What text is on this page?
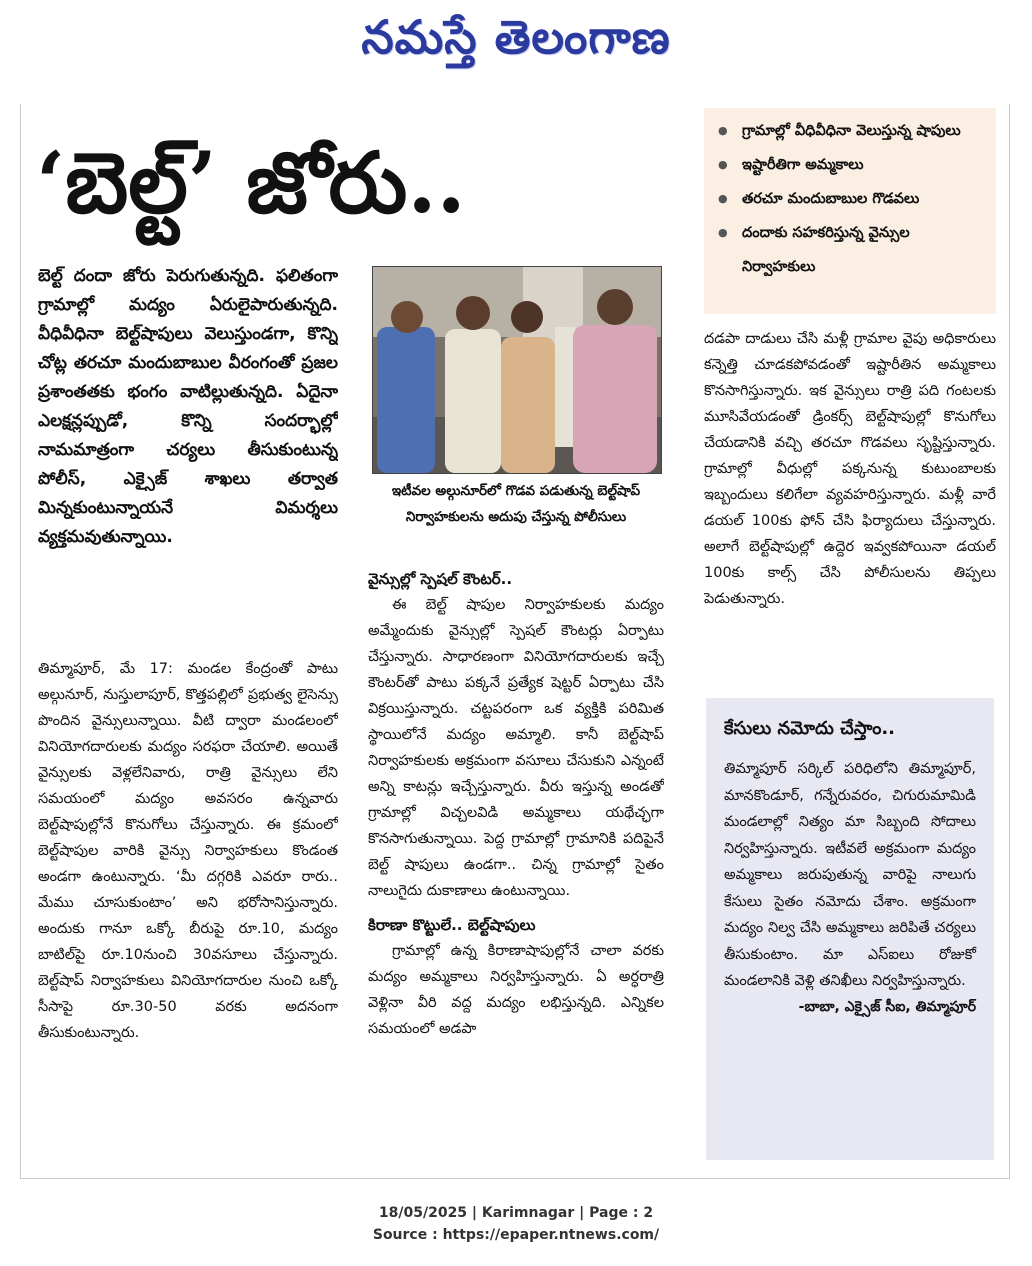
నమస్తే తెలంగాణ
‘బెల్ట్’ జోరు..
బెల్ట్ దందా జోరు పెరుగుతున్నది. ఫలితంగా గ్రామాల్లో మద్యం ఏరులైపారుతున్నది. వీధివీధినా బెల్ట్‌షాపులు వెలుస్తుండగా, కొన్ని చోట్ల తరచూ మందుబాబుల వీరంగంతో ప్రజల ప్రశాంతతకు భంగం వాటిల్లుతున్నది. ఏదైనా ఎలక్షన్లప్పుడో, కొన్ని సందర్భాల్లో నామమాత్రంగా చర్యలు తీసుకుంటున్న పోలీస్, ఎక్సైజ్ శాఖలు తర్వాత మిన్నకుంటున్నాయనే విమర్శలు వ్యక్తమవుతున్నాయి.

తిమ్మాపూర్, మే 17: మండల కేంద్రంతో పాటు అల్గునూర్, నుస్తులాపూర్, కొత్తపల్లిలో ప్రభుత్వ లైసెన్సు పొందిన వైన్సులున్నాయి. వీటి ద్వారా మండలంలో వినియోగదారులకు మద్యం సరఫరా చేయాలి. అయితే వైన్సులకు వెళ్లలేనివారు, రాత్రి వైన్సులు లేని సమయంలో మద్యం అవసరం ఉన్నవారు బెల్ట్‌షాపుల్లోనే కొనుగోలు చేస్తున్నారు. ఈ క్రమంలో బెల్ట్‌షాపుల వారికి వైన్సు నిర్వాహకులు కొండంత అండగా ఉంటున్నారు. ‘మీ దగ్గరికి ఎవరూ రారు.. మేము చూసుకుంటాం’ అని భరోసానిస్తున్నారు. అందుకు గానూ ఒక్కో బీరుపై రూ.10, మద్యం బాటిల్‌పై రూ.10నుంచి 30వసూలు చేస్తున్నారు. బెల్ట్‌షాప్ నిర్వాహకులు వినియోగదారుల నుంచి ఒక్కో సీసాపై రూ.30-50 వరకు అదనంగా తీసుకుంటున్నారు.

ఇటీవల అల్గునూర్‌లో గొడవ పడుతున్న బెల్ట్‌షాప్ నిర్వాహకులను అదుపు చేస్తున్న పోలీసులు
వైన్సుల్లో స్పెషల్ కౌంటర్..

ఈ బెల్ట్ షాపుల నిర్వాహకులకు మద్యం అమ్మేందుకు వైన్సుల్లో స్పెషల్ కౌంటర్లు ఏర్పాటు చేస్తున్నారు. సాధారణంగా వినియోగదారులకు ఇచ్చే కౌంటర్‌తో పాటు పక్కనే ప్రత్యేక షెట్టర్ ఏర్పాటు చేసి విక్రయిస్తున్నారు. చట్టపరంగా ఒక వ్యక్తికి పరిమిత స్థాయిలోనే మద్యం అమ్మాలి. కానీ బెల్ట్‌షాప్ నిర్వాహకులకు అక్రమంగా వసూలు చేసుకుని ఎన్నంటే అన్ని కాటన్లు ఇచ్చేస్తున్నారు. వీరు ఇస్తున్న అండతో గ్రామాల్లో విచ్చలవిడి అమ్మకాలు యథేచ్ఛగా కొనసాగుతున్నాయి. పెద్ద గ్రామాల్లో గ్రామానికి పదిపైనే బెల్ట్ షాపులు ఉండగా.. చిన్న గ్రామాల్లో సైతం నాలుగైదు దుకాణాలు ఉంటున్నాయి.

కిరాణా కొట్టులే.. బెల్ట్‌షాపులు

గ్రామాల్లో ఉన్న కిరాణాషాపుల్లోనే చాలా వరకు మద్యం అమ్మకాలు నిర్వహిస్తున్నారు. ఏ అర్ధరాత్రి వెళ్లినా వీరి వద్ద మద్యం లభిస్తున్నది. ఎన్నికల సమయంలో అడపా

● గ్రామాల్లో వీధివీధినా వెలుస్తున్న షాపులు
● ఇష్టారీతిగా అమ్మకాలు
● తరచూ మందుబాబుల గొడవలు
● దందాకు సహకరిస్తున్న వైన్సుల నిర్వాహకులు

దడపా దాడులు చేసి మళ్లీ గ్రామాల వైపు అధికారులు కన్నెత్తి చూడకపోవడంతో ఇష్టారీతిన అమ్మకాలు కొనసాగిస్తున్నారు. ఇక వైన్సులు రాత్రి పది గంటలకు మూసివేయడంతో డ్రింకర్స్ బెల్ట్‌షాపుల్లో కొనుగోలు చేయడానికి వచ్చి తరచూ గొడవలు సృష్టిస్తున్నారు. గ్రామాల్లో వీధుల్లో పక్కనున్న కుటుంబాలకు ఇబ్బందులు కలిగేలా వ్యవహరిస్తున్నారు. మళ్లీ వారే డయల్ 100కు ఫోన్ చేసి ఫిర్యాదులు చేస్తున్నారు. అలాగే బెల్ట్‌షాపుల్లో ఉద్దెర ఇవ్వకపోయినా డయల్ 100కు కాల్స్ చేసి పోలీసులను తిప్పలు పెడుతున్నారు.

కేసులు నమోదు చేస్తాం..
తిమ్మాపూర్ సర్కిల్ పరిధిలోని తిమ్మాపూర్, మానకొండూర్, గన్నేరువరం, చిగురుమామిడి మండలాల్లో నిత్యం మా సిబ్బంది సోదాలు నిర్వహిస్తున్నారు. ఇటీవలే అక్రమంగా మద్యం అమ్మకాలు జరుపుతున్న వారిపై నాలుగు కేసులు సైతం నమోదు చేశాం. అక్రమంగా మద్యం నిల్వ చేసి అమ్మకాలు జరిపితే చర్యలు తీసుకుంటాం. మా ఎస్ఐలు రోజుకో మండలానికి వెళ్లి తనిఖీలు నిర్వహిస్తున్నారు.
-బాబా, ఎక్సైజ్ సీఐ, తిమ్మాపూర్
18/05/2025 | Karimnagar | Page : 2
Source : https://epaper.ntnews.com/
